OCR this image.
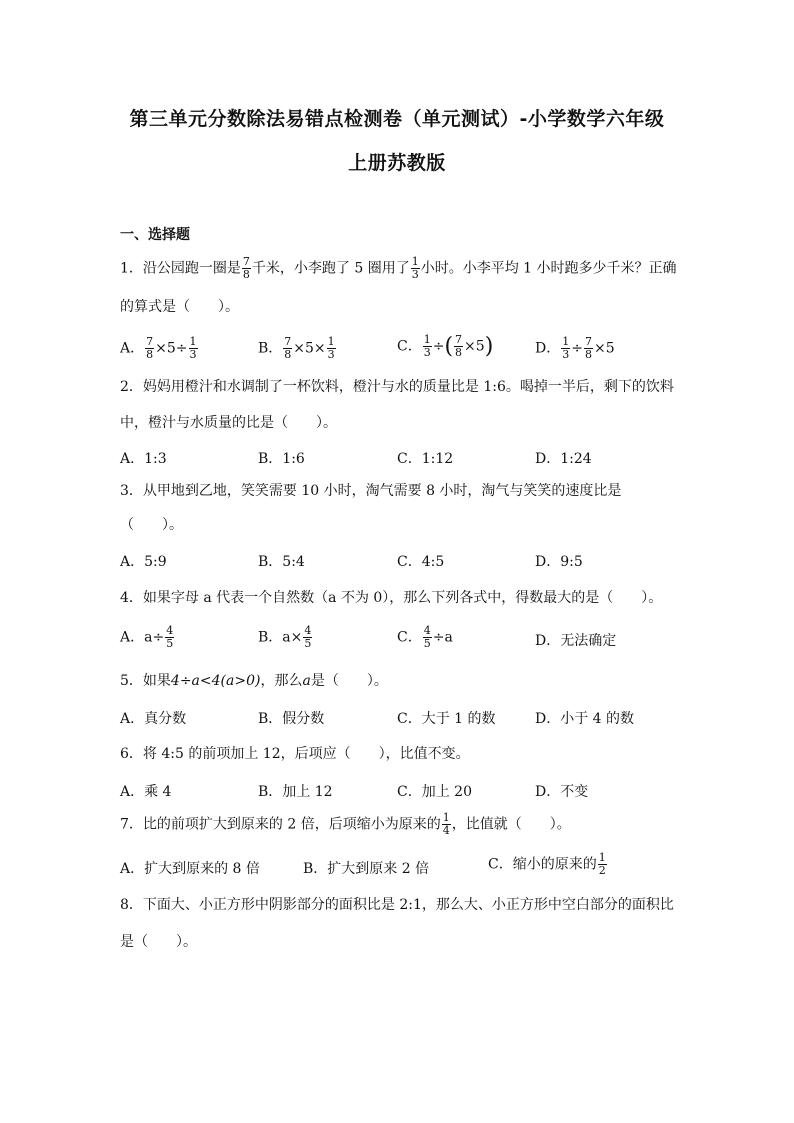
第三单元分数除法易错点检测卷（单元测试）-小学数学六年级
上册苏教版
一、选择题
1．沿公园跑一圈是 $\frac{7}{8}$ 千米，小李跑了 5 圈用了 $\frac{1}{3}$ 小时。小李平均 1 小时跑多少千米？正确
的算式是（　　）。
A． $\frac{7}{8} \times 5\div \frac{1}{3}$	B． $\frac{7}{8} \times 5\times \frac{1}{3}$	C． $\frac{1}{3}$ ÷( $\frac{7}{8} \times 5$)	D． $\frac{1}{3} \div \frac{7}{8} \times 5$
2．妈妈用橙汁和水调制了一杯饮料，橙汁与水的质量比是 1:6。喝掉一半后，剩下的饮料
中，橙汁与水质量的比是（　　）。
A．1:3	B．1:6	C．1:12	D．1:24
3．从甲地到乙地，笑笑需要 10 小时，淘气需要 8 小时，淘气与笑笑的速度比是
（　　）。
A．5:9	B．5:4	C．4:5	D．9:5
4．如果字母 a 代表一个自然数（a 不为 0），那么下列各式中，得数最大的是（　　）。
A．$a\div \frac{4}{5}$	B．$a\times \frac{4}{5}$	C． $\frac{4}{5} \div a$	D．无法确定
5．如果4÷a<4(a>0)，那么a是（　　）。
A．真分数	B．假分数	C．大于 1 的数	D．小于 4 的数
6．将 4:5 的前项加上 12，后项应（　　），比值不变。
A．乘 4	B．加上 12	C．加上 20	D．不变
7．比的前项扩大到原来的 2 倍，后项缩小为原来的 $\frac{1}{4}$ ，比值就（　　）。
A．扩大到原来的 8 倍	B．扩大到原来 2 倍	C．缩小的原来的 $\frac{1}{2}$
8．下面大、小正方形中阴影部分的面积比是 2:1，那么大、小正方形中空白部分的面积比
是（　　）。
